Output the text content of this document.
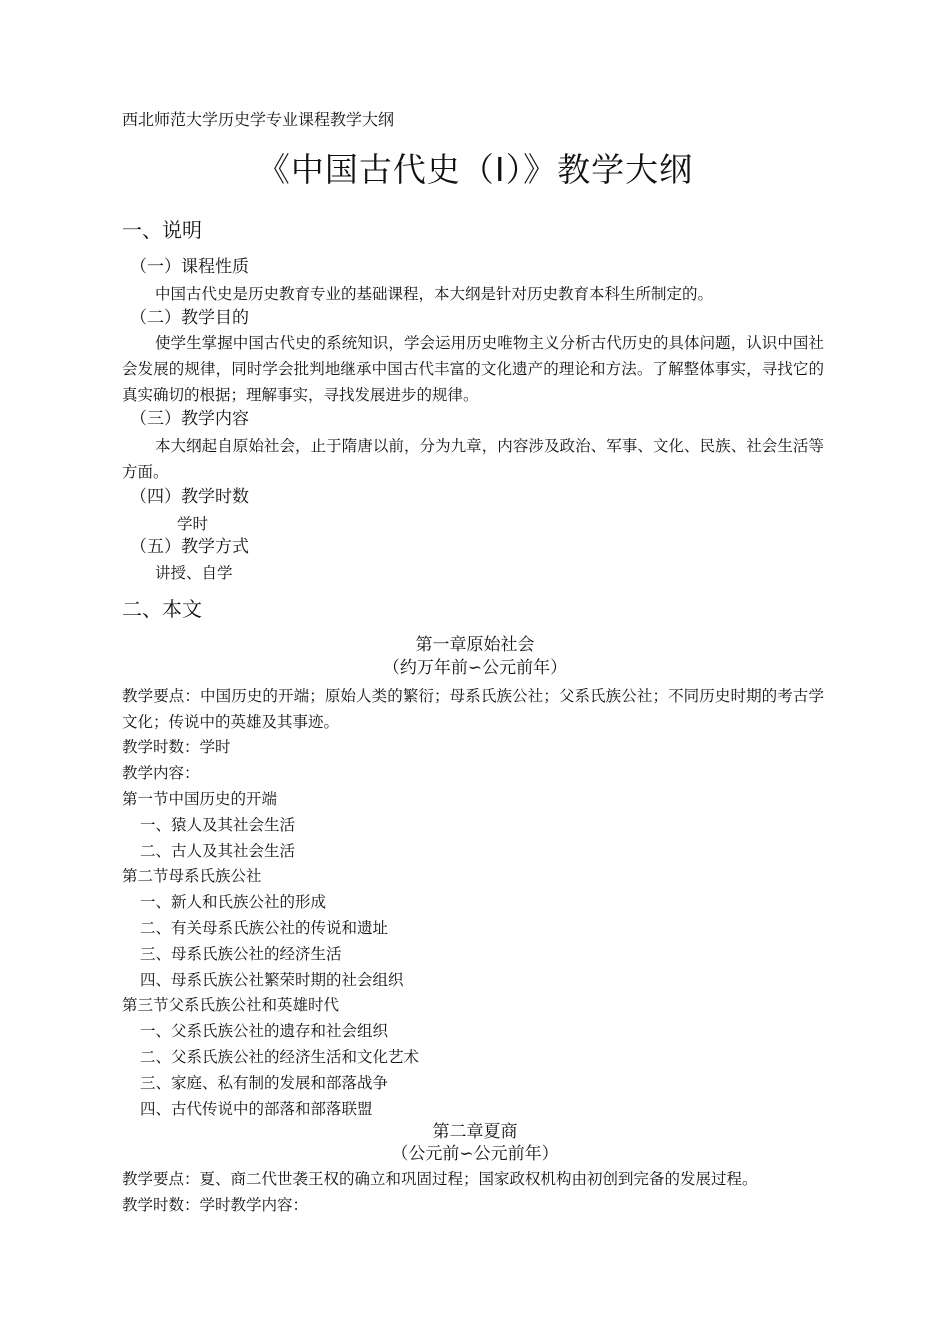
西北师范大学历史学专业课程教学大纲
《中国古代史（I）》教学大纲
一、说明
（一）课程性质
中国古代史是历史教育专业的基础课程，本大纲是针对历史教育本科生所制定的。
（二）教学目的
使学生掌握中国古代史的系统知识，学会运用历史唯物主义分析古代历史的具体问题，认识中国社会发展的规律，同时学会批判地继承中国古代丰富的文化遗产的理论和方法。了解整体事实，寻找它的真实确切的根据；理解事实，寻找发展进步的规律。
（三）教学内容
本大纲起自原始社会，止于隋唐以前，分为九章，内容涉及政治、军事、文化、民族、社会生活等方面。
（四）教学时数
学时
（五）教学方式
讲授、自学
二、本文
第一章原始社会
（约万年前∽公元前年）
教学要点：中国历史的开端；原始人类的繁衍；母系氏族公社；父系氏族公社；不同历史时期的考古学文化；传说中的英雄及其事迹。
教学时数：学时
教学内容：
第一节中国历史的开端
一、猿人及其社会生活
二、古人及其社会生活
第二节母系氏族公社
一、新人和氏族公社的形成
二、有关母系氏族公社的传说和遗址
三、母系氏族公社的经济生活
四、母系氏族公社繁荣时期的社会组织
第三节父系氏族公社和英雄时代
一、父系氏族公社的遗存和社会组织
二、父系氏族公社的经济生活和文化艺术
三、家庭、私有制的发展和部落战争
四、古代传说中的部落和部落联盟
第二章夏商
（公元前∽公元前年）
教学要点：夏、商二代世袭王权的确立和巩固过程；国家政权机构由初创到完备的发展过程。
教学时数：学时教学内容：
